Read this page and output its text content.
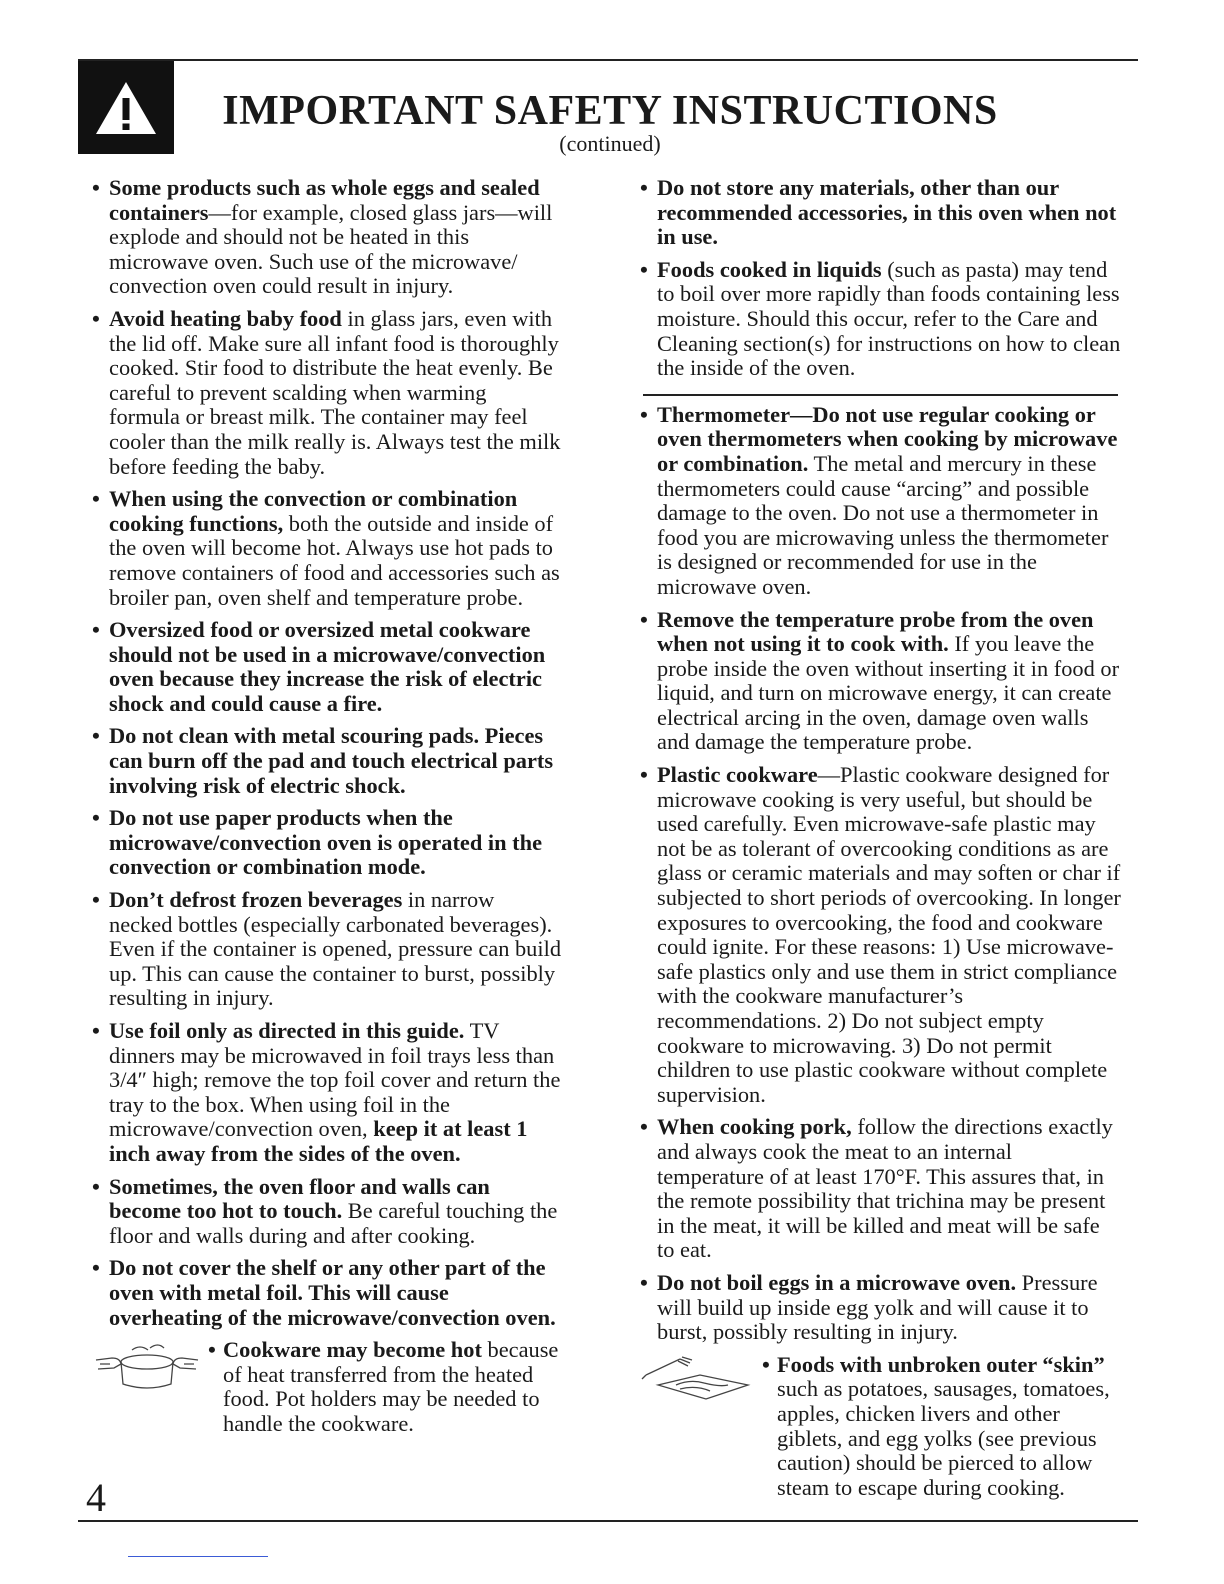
IMPORTANT SAFETY INSTRUCTIONS
(continued)

• Some products such as whole eggs and sealed containers—for example, closed glass jars—will explode and should not be heated in this microwave oven. Such use of the microwave/ convection oven could result in injury.

• Avoid heating baby food in glass jars, even with the lid off. Make sure all infant food is thoroughly cooked. Stir food to distribute the heat evenly. Be careful to prevent scalding when warming formula or breast milk. The container may feel cooler than the milk really is. Always test the milk before feeding the baby.

• When using the convection or combination cooking functions, both the outside and inside of the oven will become hot. Always use hot pads to remove containers of food and accessories such as broiler pan, oven shelf and temperature probe.

• Oversized food or oversized metal cookware should not be used in a microwave/convection oven because they increase the risk of electric shock and could cause a fire.

• Do not clean with metal scouring pads. Pieces can burn off the pad and touch electrical parts involving risk of electric shock.

• Do not use paper products when the microwave/convection oven is operated in the convection or combination mode.

• Don’t defrost frozen beverages in narrow necked bottles (especially carbonated beverages). Even if the container is opened, pressure can build up. This can cause the container to burst, possibly resulting in injury.

• Use foil only as directed in this guide. TV dinners may be microwaved in foil trays less than 3/4″ high; remove the top foil cover and return the tray to the box. When using foil in the microwave/convection oven, keep it at least 1 inch away from the sides of the oven.

• Sometimes, the oven floor and walls can become too hot to touch. Be careful touching the floor and walls during and after cooking.

• Do not cover the shelf or any other part of the oven with metal foil. This will cause overheating of the microwave/convection oven.

• Cookware may become hot because of heat transferred from the heated food. Pot holders may be needed to handle the cookware.

• Do not store any materials, other than our recommended accessories, in this oven when not in use.

• Foods cooked in liquids (such as pasta) may tend to boil over more rapidly than foods containing less moisture. Should this occur, refer to the Care and Cleaning section(s) for instructions on how to clean the inside of the oven.

• Thermometer—Do not use regular cooking or oven thermometers when cooking by microwave or combination. The metal and mercury in these thermometers could cause “arcing” and possible damage to the oven. Do not use a thermometer in food you are microwaving unless the thermometer is designed or recommended for use in the microwave oven.

• Remove the temperature probe from the oven when not using it to cook with. If you leave the probe inside the oven without inserting it in food or liquid, and turn on microwave energy, it can create electrical arcing in the oven, damage oven walls and damage the temperature probe.

• Plastic cookware—Plastic cookware designed for microwave cooking is very useful, but should be used carefully. Even microwave-safe plastic may not be as tolerant of overcooking conditions as are glass or ceramic materials and may soften or char if subjected to short periods of overcooking. In longer exposures to overcooking, the food and cookware could ignite. For these reasons: 1) Use microwave-safe plastics only and use them in strict compliance with the cookware manufacturer’s recommendations. 2) Do not subject empty cookware to microwaving. 3) Do not permit children to use plastic cookware without complete supervision.

• When cooking pork, follow the directions exactly and always cook the meat to an internal temperature of at least 170°F. This assures that, in the remote possibility that trichina may be present in the meat, it will be killed and meat will be safe to eat.

• Do not boil eggs in a microwave oven. Pressure will build up inside egg yolk and will cause it to burst, possibly resulting in injury.

• Foods with unbroken outer “skin” such as potatoes, sausages, tomatoes, apples, chicken livers and other giblets, and egg yolks (see previous caution) should be pierced to allow steam to escape during cooking.
4
